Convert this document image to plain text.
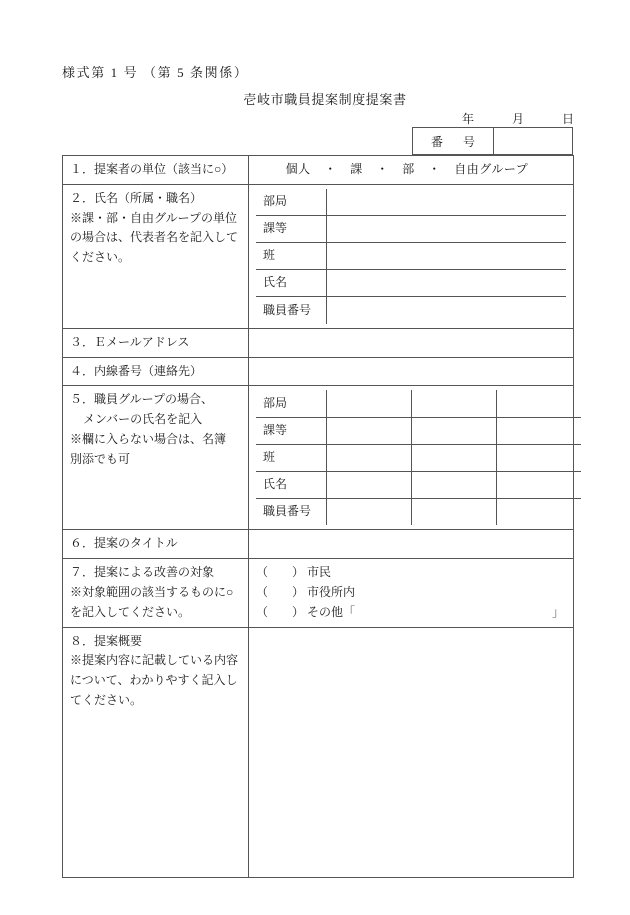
様式第 1 号 （第 5 条関係）
壱岐市職員提案制度提案書
年	月	日
番　号
１．提案者の単位（該当に○）	個人 ・ 課 ・ 部 ・ 自由グループ

２．氏名（所属・職名）
※課・部・自由グループの単位
の場合は、代表者名を記入して
ください。

部局	
課等	
班	
氏名	
職員番号	

３．Ｅメールアドレス	
４．内線番号（連絡先）	

５．職員グループの場合、
メンバーの氏名を記入
※欄に入らない場合は、名簿
別添でも可

部局			
課等			
班			
氏名			
職員番号			

６．提案のタイトル	

７．提案による改善の対象
※対象範囲の該当するものに○
を記入してください。

（　　） 市民
（　　） 市役所内
（　　） その他「	」

８．提案概要
※提案内容に記載している内容
について、わかりやすく記入し
てください。
